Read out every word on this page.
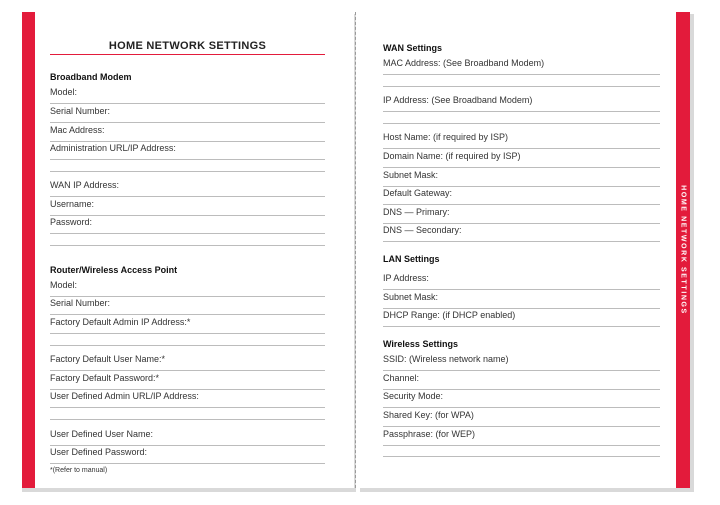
HOME NETWORK SETTINGS
HOME NETWORK SETTINGS
Broadband Modem
Model:
Serial Number:
Mac Address:
Administration URL/IP Address:
WAN IP Address:
Username:
Password:
Router/Wireless Access Point
Model:
Serial Number:
Factory Default Admin IP Address:*
Factory Default User Name:*
Factory Default Password:*
User Defined Admin URL/IP Address:
User Defined User Name:
User Defined Password:
*(Refer to manual)
WAN Settings
MAC Address: (See Broadband Modem)
IP Address: (See Broadband Modem)
Host Name: (if required by ISP)
Domain Name: (if required by ISP)
Subnet Mask:
Default Gateway:
DNS — Primary:
DNS — Secondary:
LAN Settings
IP Address:
Subnet Mask:
DHCP Range: (if DHCP enabled)
Wireless Settings
SSID: (Wireless network name)
Channel:
Security Mode:
Shared Key: (for WPA)
Passphrase: (for WEP)
